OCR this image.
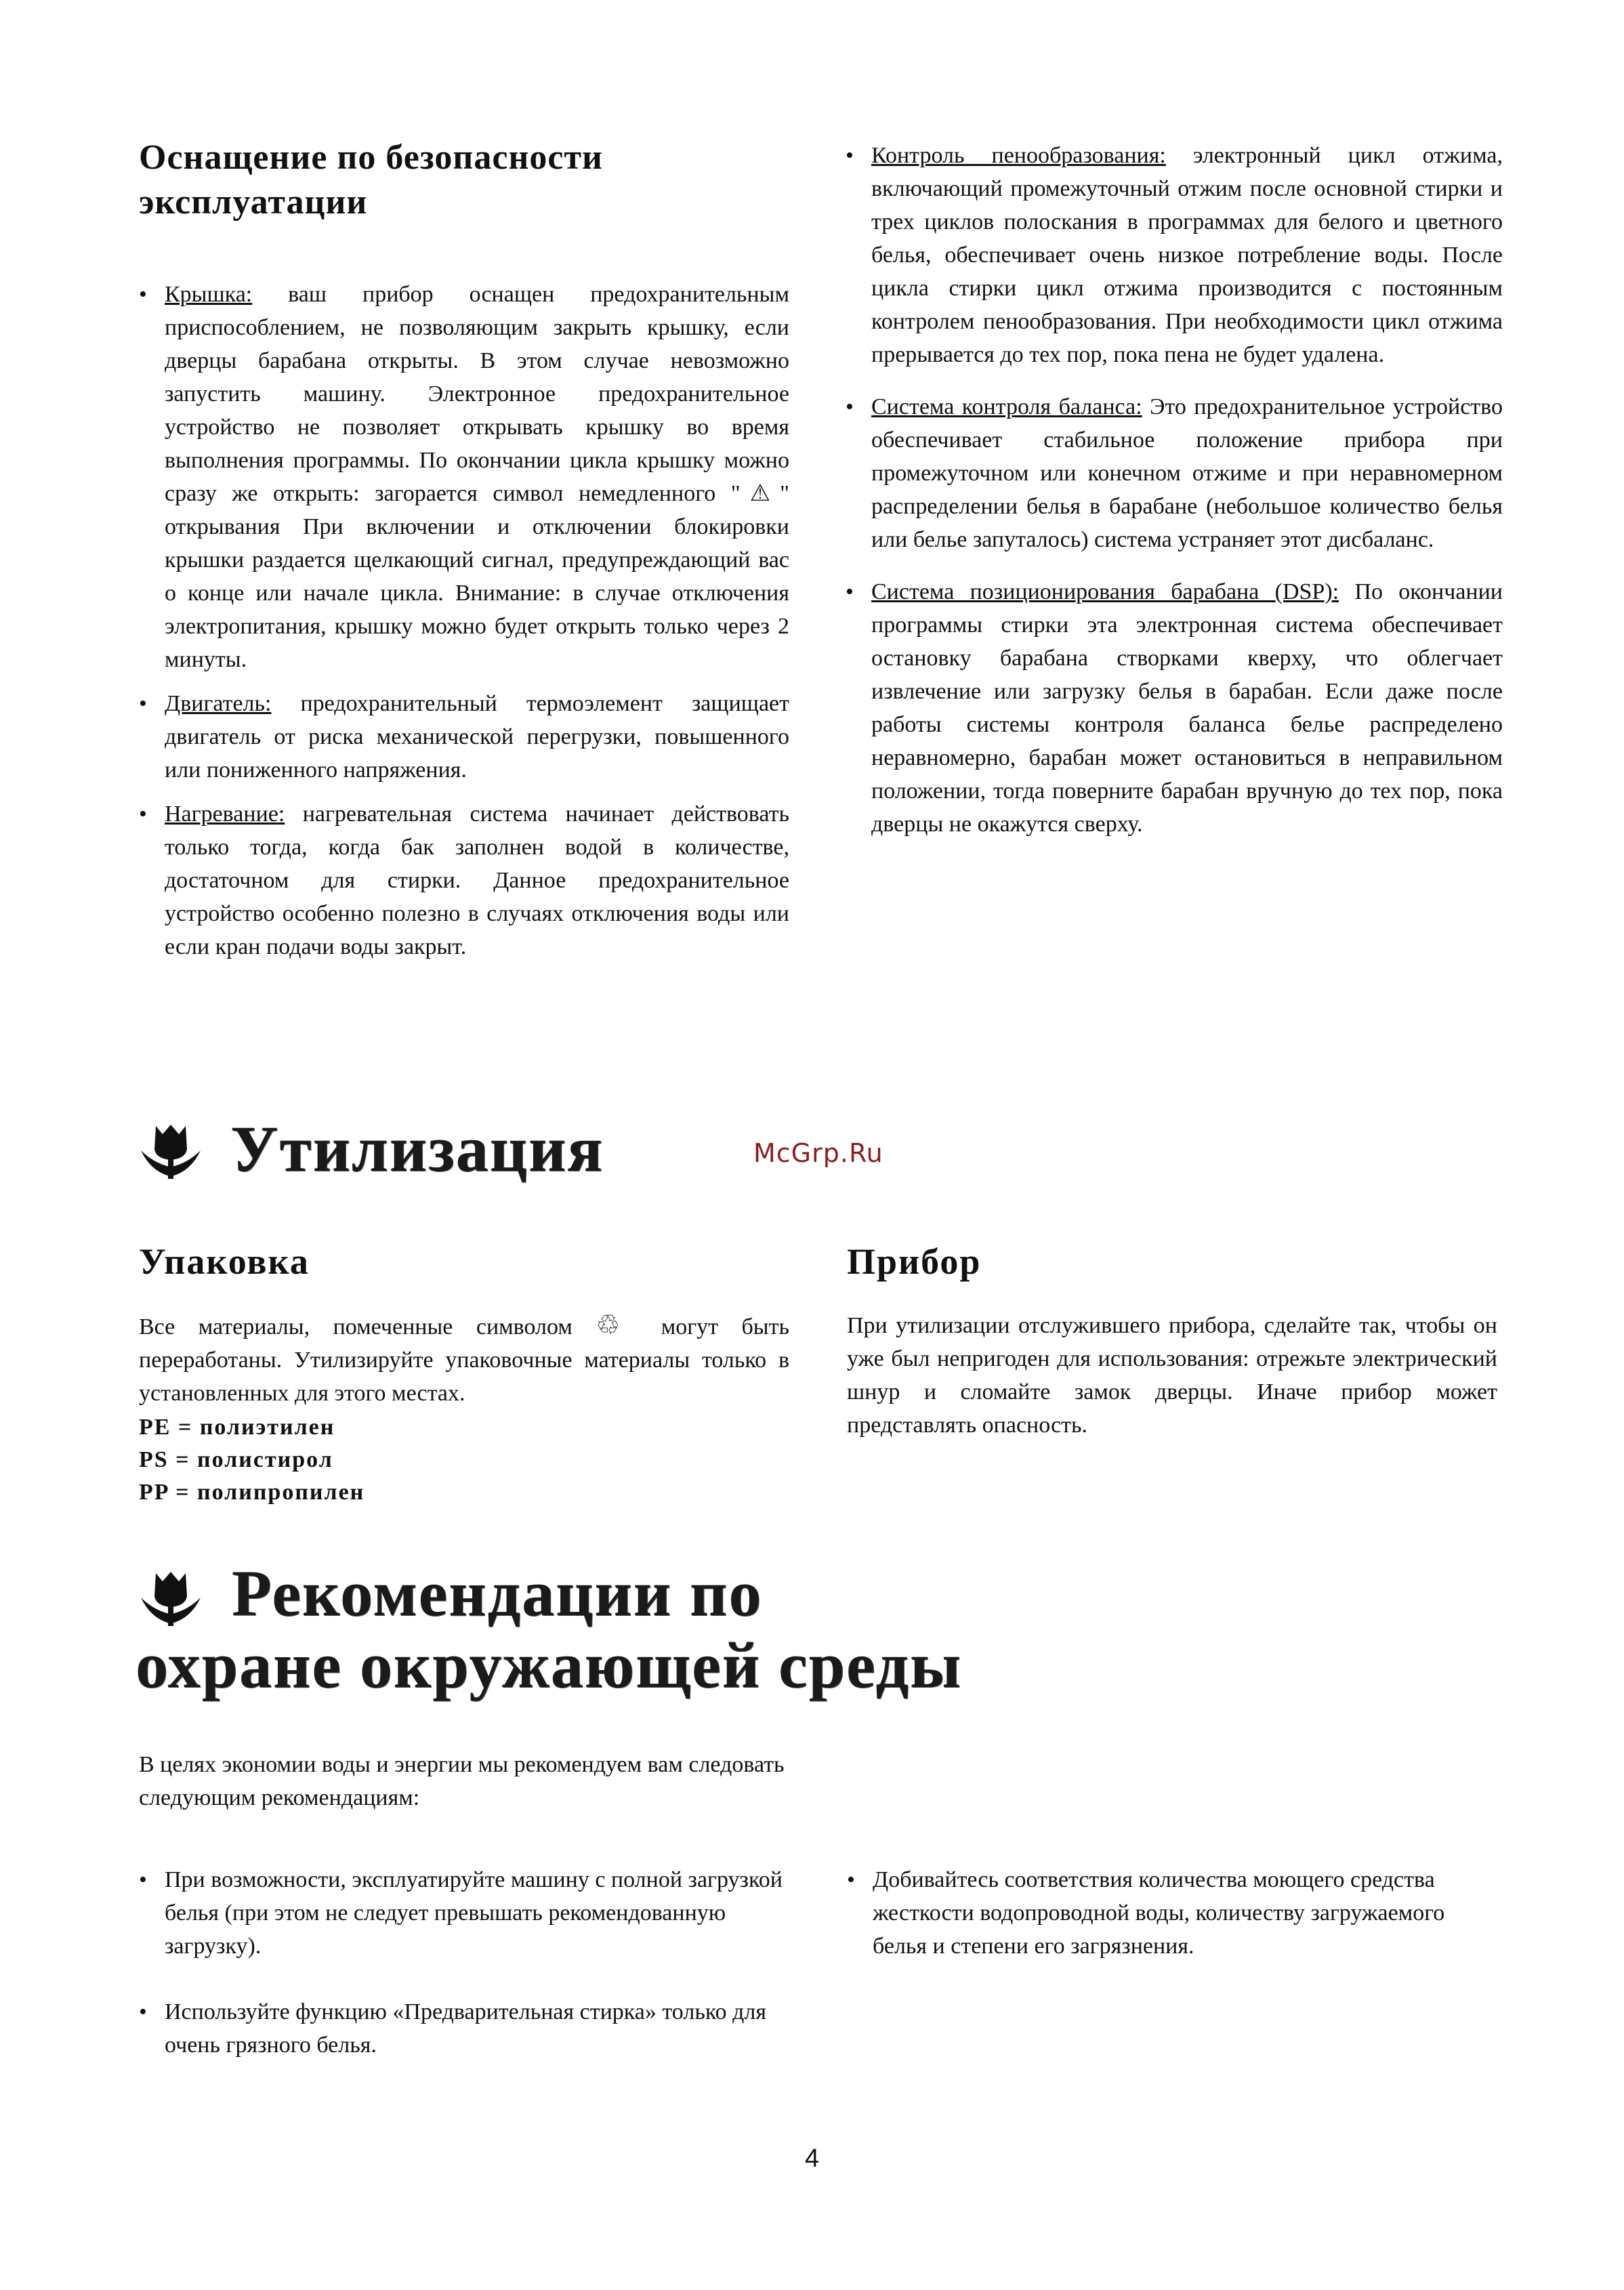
Оснащение по безопасности
эксплуатации
• Крышка: ваш прибор оснащен предохранительным приспособлением, не позволяющим закрыть крышку, если дверцы барабана открыты. В этом случае невозможно запустить машину. Электронное предохранительное устройство не позволяет открывать крышку во время выполнения программы. По окончании цикла крышку можно сразу же открыть: загорается символ немедленного "⚠" открывания При включении и отключении блокировки крышки раздается щелкающий сигнал, предупреждающий вас о конце или начале цикла. Внимание: в случае отключения электропитания, крышку можно будет открыть только через 2 минуты.
• Двигатель: предохранительный термоэлемент защищает двигатель от риска механической перегрузки, повышенного или пониженного напряжения.
• Нагревание: нагревательная система начинает действовать только тогда, когда бак заполнен водой в количестве, достаточном для стирки. Данное предохранительное устройство особенно полезно в случаях отключения воды или если кран подачи воды закрыт.
• Контроль пенообразования: электронный цикл отжима, включающий промежуточный отжим после основной стирки и трех циклов полоскания в программах для белого и цветного белья, обеспечивает очень низкое потребление воды. После цикла стирки цикл отжима производится с постоянным контролем пенообразования. При необходимости цикл отжима прерывается до тех пор, пока пена не будет удалена.
• Система контроля баланса: Это предохранительное устройство обеспечивает стабильное положение прибора при промежуточном или конечном отжиме и при неравномерном распределении белья в барабане (небольшое количество белья или белье запуталось) система устраняет этот дисбаланс.
• Система позиционирования барабана (DSP): По окончании программы стирки эта электронная система обеспечивает остановку барабана створками кверху, что облегчает извлечение или загрузку белья в барабан. Если даже после работы системы контроля баланса белье распределено неравномерно, барабан может остановиться в неправильном положении, тогда поверните барабан вручную до тех пор, пока дверцы не окажутся сверху.
Утилизация	McGrp.Ru
Упаковка

Все материалы, помеченные символом ♲ могут быть переработаны. Утилизируйте упаковочные материалы только в установленных для этого местах.

PE = полиэтилен

PS = полистирол

PP = полипропилен

Прибор

При утилизации отслужившего прибора, сделайте так, чтобы он уже был непригоден для использования: отрежьте электрический шнур и сломайте замок дверцы. Иначе прибор может представлять опасность.

Рекомендации по
охране окружающей среды

В целях экономии воды и энергии мы рекомендуем вам следовать следующим рекомендациям:

• При возможности, эксплуатируйте машину с полной загрузкой белья (при этом не следует превышать рекомендованную загрузку).
• Используйте функцию «Предварительная стирка» только для очень грязного белья.
• Добивайтесь соответствия количества моющего средства жесткости водопроводной воды, количеству загружаемого белья и степени его загрязнения.
4
